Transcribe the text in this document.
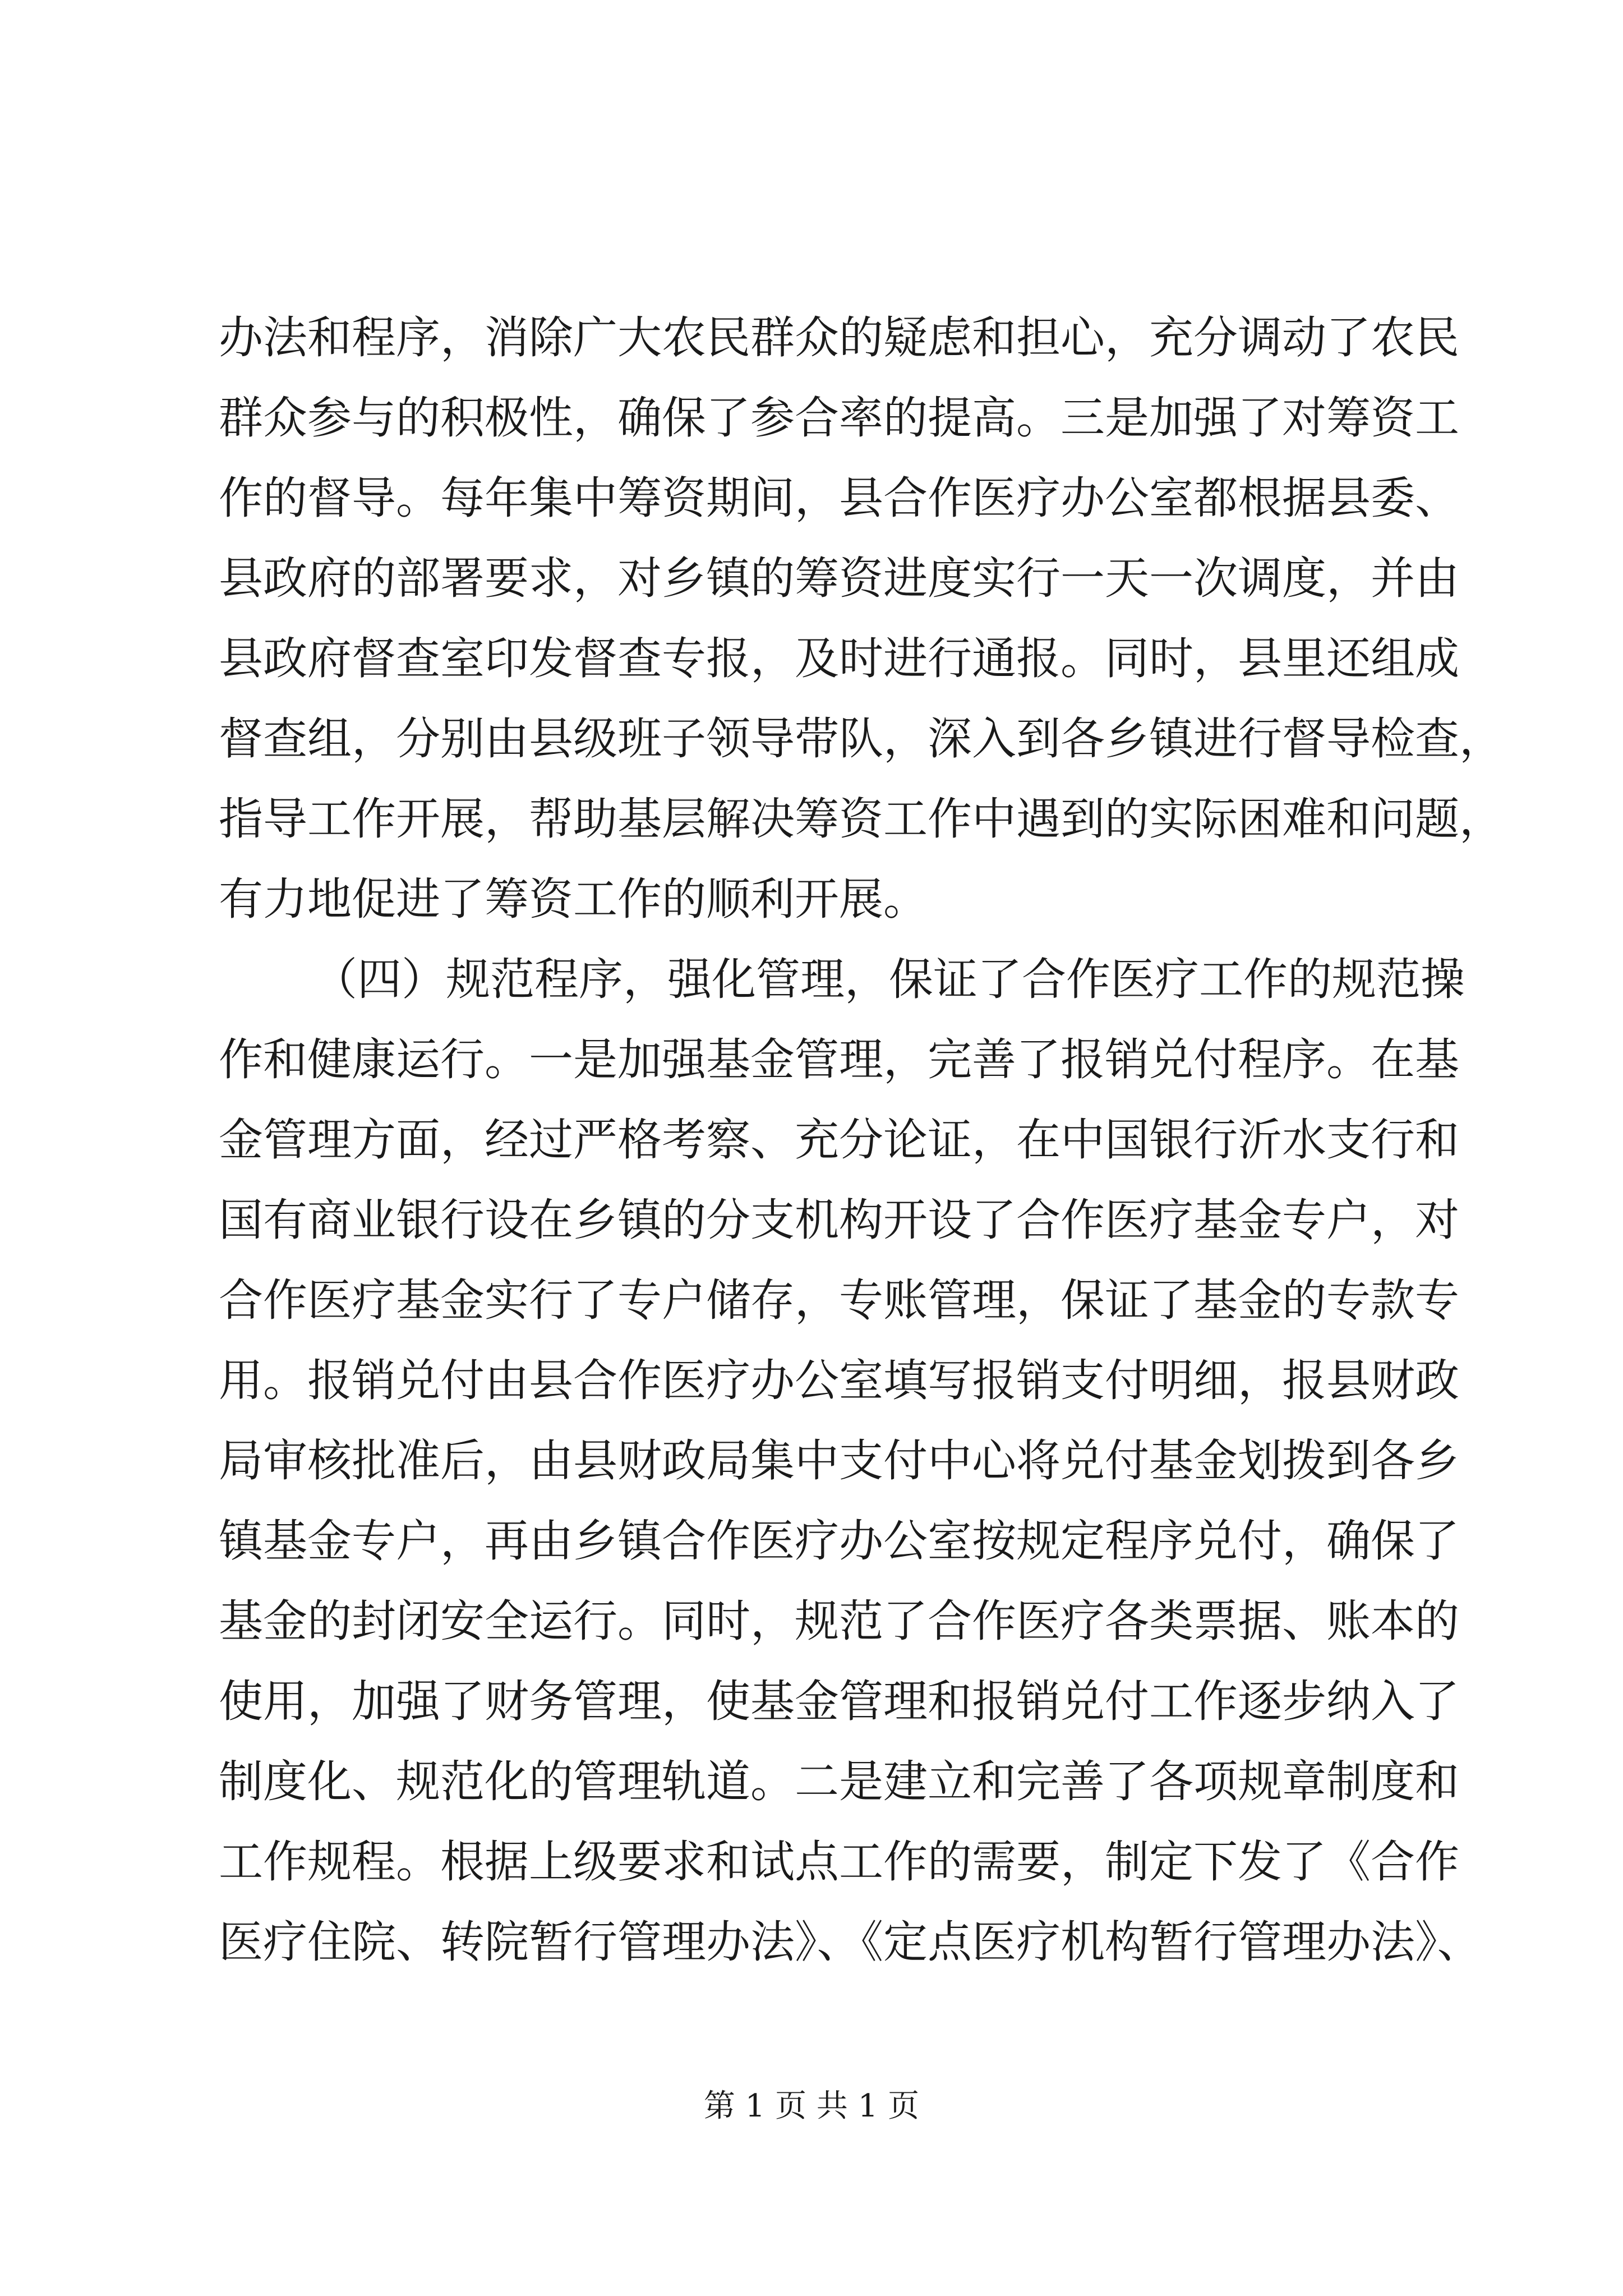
办法和程序，消除广大农民群众的疑虑和担心，充分调动了农民
群众参与的积极性，确保了参合率的提高。三是加强了对筹资工
作的督导。每年集中筹资期间，县合作医疗办公室都根据县委、
县政府的部署要求，对乡镇的筹资进度实行一天一次调度，并由
县政府督查室印发督查专报，及时进行通报。同时，县里还组成
督查组，分别由县级班子领导带队，深入到各乡镇进行督导检查，
指导工作开展，帮助基层解决筹资工作中遇到的实际困难和问题，
有力地促进了筹资工作的顺利开展。
（四）规范程序，强化管理，保证了合作医疗工作的规范操
作和健康运行。一是加强基金管理，完善了报销兑付程序。在基
金管理方面，经过严格考察、充分论证，在中国银行沂水支行和
国有商业银行设在乡镇的分支机构开设了合作医疗基金专户，对
合作医疗基金实行了专户储存，专账管理，保证了基金的专款专
用。报销兑付由县合作医疗办公室填写报销支付明细，报县财政
局审核批准后，由县财政局集中支付中心将兑付基金划拨到各乡
镇基金专户，再由乡镇合作医疗办公室按规定程序兑付，确保了
基金的封闭安全运行。同时，规范了合作医疗各类票据、账本的
使用，加强了财务管理，使基金管理和报销兑付工作逐步纳入了
制度化、规范化的管理轨道。二是建立和完善了各项规章制度和
工作规程。根据上级要求和试点工作的需要，制定下发了《合作
医疗住院、转院暂行管理办法》、《定点医疗机构暂行管理办法》、
第 1 页 共 1 页
